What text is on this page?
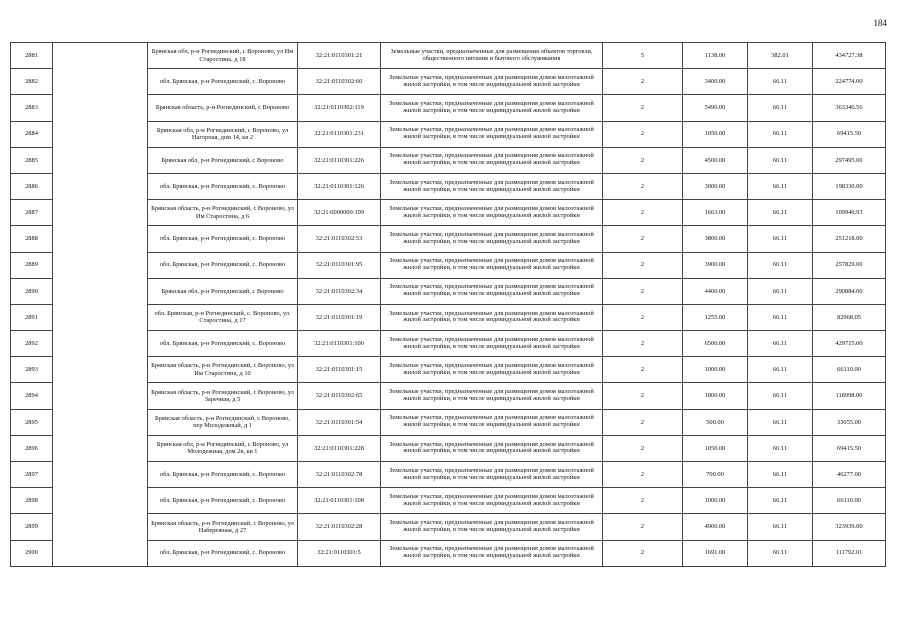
184
2881		Брянская обл, р-н Рогнединский, с Вороново, ул Им Старостина, д 18	32:21:0110301:21	Земельные участки, предназначенные для размещения объектов торговли, общественного питания и бытового обслуживания	5	1138.00	382.01	434727.38
2882		обл. Брянская, р-н Рогнединский, с. Вороново	32:21:0110302:60	Земельные участки, предназначенные для размещения домов малоэтажной жилой застройки, в том числе индивидуальной жилой застройки	2	3400.00	66.11	224774.00
2883		Брянская область, р-н Рогнединский, с Вороново	32:21:0110302:119	Земельные участки, предназначенные для размещения домов малоэтажной жилой застройки, в том числе индивидуальной жилой застройки	2	5496.00	66.11	363340.56
2884		Брянская обл, р-н Рогнединский, с Вороново, ул Нагорная, дом 14, кв 2	32:21:0110301:231	Земельные участки, предназначенные для размещения домов малоэтажной жилой застройки, в том числе индивидуальной жилой застройки	2	1050.00	66.11	69415.50
2885		Брянская обл, р-н Рогнединский, с Вороново	32:21:0110301:226	Земельные участки, предназначенные для размещения домов малоэтажной жилой застройки, в том числе индивидуальной жилой застройки	2	4500.00	66.11	297495.00
2886		обл. Брянская, р-н Рогнединский, с. Вороново	32:21:0110301:126	Земельные участки, предназначенные для размещения домов малоэтажной жилой застройки, в том числе индивидуальной жилой застройки	2	3000.00	66.11	198330.00
2887		Брянская область, р-н Рогнединский, с Вороново, ул Им Старостина, д 6	32:21:0000000:199	Земельные участки, предназначенные для размещения домов малоэтажной жилой застройки, в том числе индивидуальной жилой застройки	2	1663.00	66.11	109940.93
2888		обл. Брянская, р-н Рогнединский, с. Вороново	32:21:0110302:53	Земельные участки, предназначенные для размещения домов малоэтажной жилой застройки, в том числе индивидуальной жилой застройки	2	3800.00	66.11	251218.00
2889		обл. Брянская, р-н Рогнединский, с. Вороново	32:21:0110301:95	Земельные участки, предназначенные для размещения домов малоэтажной жилой застройки, в том числе индивидуальной жилой застройки	2	3900.00	66.11	257829.00
2890		Брянская обл, р-н Рогнединский, с Вороново	32:21:0110302:34	Земельные участки, предназначенные для размещения домов малоэтажной жилой застройки, в том числе индивидуальной жилой застройки	2	4400.00	66.11	290884.00
2891		обл. Брянская, р-н Рогнединский, с. Вороново, ул. Старостина, д 17	32:21:0110301:19	Земельные участки, предназначенные для размещения домов малоэтажной жилой застройки, в том числе индивидуальной жилой застройки	2	1255.00	66.11	82968.05
2892		обл. Брянская, р-н Рогнединский, с. Вороново	32:21:0110301:100	Земельные участки, предназначенные для размещения домов малоэтажной жилой застройки, в том числе индивидуальной жилой застройки	2	6500.00	66.11	429715.00
2893		Брянская область, р-н Рогнединский, с Вороново, ул Им Старостина, д 10	32:21:0110301:15	Земельные участки, предназначенные для размещения домов малоэтажной жилой застройки, в том числе индивидуальной жилой застройки	2	1000.00	66.11	66110.00
2894		Брянская область, р-н Рогнединский, с Вороново, ул Заречная, д 5	32:21:0110302:65	Земельные участки, предназначенные для размещения домов малоэтажной жилой застройки, в том числе индивидуальной жилой застройки	2	1800.00	66.11	118998.00
2895		Брянская область, р-н Рогнединский, с Вороново, пер Молодежный, д 1	32:21:0110301:54	Земельные участки, предназначенные для размещения домов малоэтажной жилой застройки, в том числе индивидуальной жилой застройки	2	500.00	66.11	33055.00
2896		Брянская обл, р-н Рогнединский, с Вороново, ул Молодежная, дом 2в, кв 1	32:21:0110301:228	Земельные участки, предназначенные для размещения домов малоэтажной жилой застройки, в том числе индивидуальной жилой застройки	2	1050.00	66.11	69415.50
2897		обл. Брянская, р-н Рогнединский, с. Вороново	32:21:0110302:78	Земельные участки, предназначенные для размещения домов малоэтажной жилой застройки, в том числе индивидуальной жилой застройки	2	700.00	66.11	46277.00
2898		обл. Брянская, р-н Рогнединский, с. Вороново	32:21:0110301:108	Земельные участки, предназначенные для размещения домов малоэтажной жилой застройки, в том числе индивидуальной жилой застройки	2	1000.00	66.11	66110.00
2899		Брянская область, р-н Рогнединский, с Вороново, ул Набережная, д 27	32:21:0110302:28	Земельные участки, предназначенные для размещения домов малоэтажной жилой застройки, в том числе индивидуальной жилой застройки	2	4900.00	66.11	323939.00
2900		обл. Брянская, р-н Рогнединский, с. Вороново	32:21:0110301:5	Земельные участки, предназначенные для размещения домов малоэтажной жилой застройки, в том числе индивидуальной жилой застройки	2	1691.00	66.11	111792.01
